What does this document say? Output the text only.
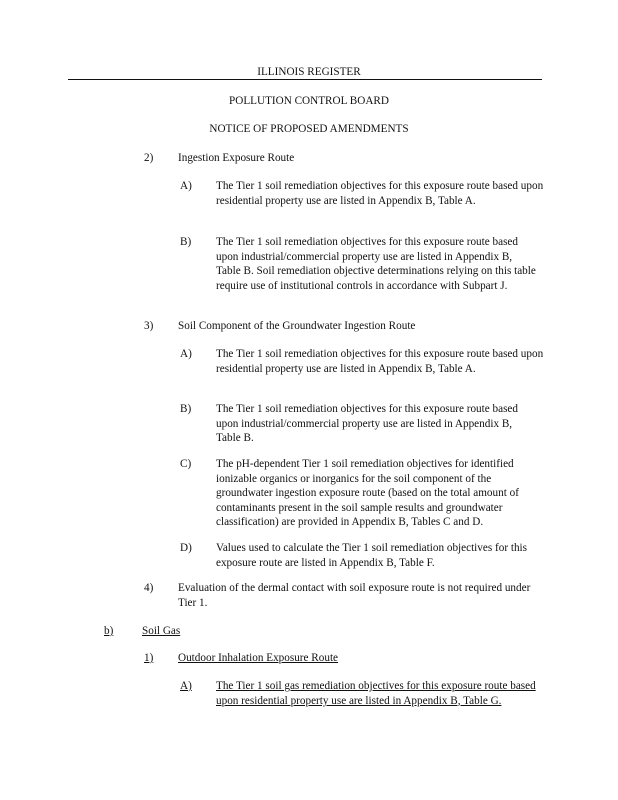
ILLINOIS REGISTER
POLLUTION CONTROL BOARD
NOTICE OF PROPOSED AMENDMENTS
2) Ingestion Exposure Route
A) The Tier 1 soil remediation objectives for this exposure route based upon residential property use are listed in Appendix B, Table A.
B) The Tier 1 soil remediation objectives for this exposure route based upon industrial/commercial property use are listed in Appendix B, Table B. Soil remediation objective determinations relying on this table require use of institutional controls in accordance with Subpart J.
3) Soil Component of the Groundwater Ingestion Route
A) The Tier 1 soil remediation objectives for this exposure route based upon residential property use are listed in Appendix B, Table A.
B) The Tier 1 soil remediation objectives for this exposure route based upon industrial/commercial property use are listed in Appendix B, Table B.
C) The pH-dependent Tier 1 soil remediation objectives for identified ionizable organics or inorganics for the soil component of the groundwater ingestion exposure route (based on the total amount of contaminants present in the soil sample results and groundwater classification) are provided in Appendix B, Tables C and D.
D) Values used to calculate the Tier 1 soil remediation objectives for this exposure route are listed in Appendix B, Table F.
4) Evaluation of the dermal contact with soil exposure route is not required under Tier 1.
b)	Soil Gas
1) Outdoor Inhalation Exposure Route
A) The Tier 1 soil gas remediation objectives for this exposure route based upon residential property use are listed in Appendix B, Table G.
